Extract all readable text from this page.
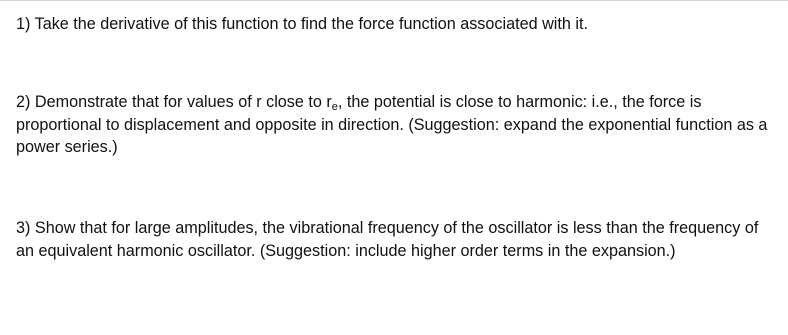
1) Take the derivative of this function to find the force function associated with it.

2) Demonstrate that for values of r close to $r_e$, the potential is close to harmonic: i.e., the force is proportional to displacement and opposite in direction. (Suggestion: expand the exponential function as a power series.)

3) Show that for large amplitudes, the vibrational frequency of the oscillator is less than the frequency of an equivalent harmonic oscillator. (Suggestion: include higher order terms in the expansion.)
